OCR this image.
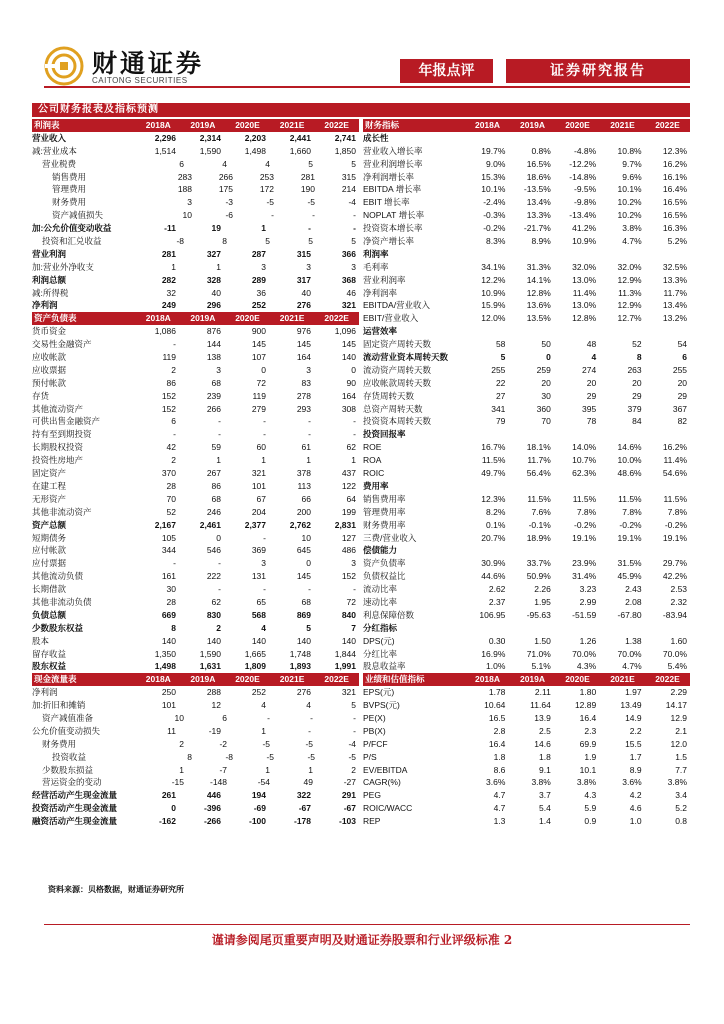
财通证券
CAITONG SECURITIES
年报点评	证券研究报告
公司财务报表及指标预测
利润表	2018A	2019A	2020E	2021E	2022E
营业收入	2,296	2,314	2,203	2,441	2,741
减:营业成本	1,514	1,590	1,498	1,660	1,850
营业税费	6	4	4	5	5
销售费用	283	266	253	281	315
管理费用	188	175	172	190	214
财务费用	3	-3	-5	-5	-4
资产减值损失	10	-6	-	-	-
加:公允价值变动收益	-11	19	1	-	-
投资和汇兑收益	-8	8	5	5	5
营业利润	281	327	287	315	366
加:营业外净收支	1	1	3	3	3
利润总额	282	328	289	317	368
减:所得税	32	40	36	40	46
净利润	249	296	252	276	321
资产负债表	2018A	2019A	2020E	2021E	2022E
货币资金	1,086	876	900	976	1,096
交易性金融资产	-	144	145	145	145
应收帐款	119	138	107	164	140
应收票据	2	3	0	3	0
预付帐款	86	68	72	83	90
存货	152	239	119	278	164
其他流动资产	152	266	279	293	308
可供出售金融资产	6	-	-	-	-
持有至到期投资	-	-	-	-	-
长期股权投资	42	59	60	61	62
投资性房地产	2	1	1	1	1
固定资产	370	267	321	378	437
在建工程	28	86	101	113	122
无形资产	70	68	67	66	64
其他非流动资产	52	246	204	200	199
资产总额	2,167	2,461	2,377	2,762	2,831
短期债务	105	0	-	10	127
应付帐款	344	546	369	645	486
应付票据	-	-	3	0	3
其他流动负债	161	222	131	145	152
长期借款	30	-	-	-	-
其他非流动负债	28	62	65	68	72
负债总额	669	830	568	869	840
少数股东权益	8	2	4	5	7
股本	140	140	140	140	140
留存收益	1,350	1,590	1,665	1,748	1,844
股东权益	1,498	1,631	1,809	1,893	1,991
现金流量表	2018A	2019A	2020E	2021E	2022E
净利润	250	288	252	276	321
加:折旧和摊销	101	12	4	4	5
资产减值准备	10	6	-	-	-
公允价值变动损失	11	-19	1	-	-
财务费用	2	-2	-5	-5	-4
投资收益	8	-8	-5	-5	-5
少数股东损益	1	-7	1	1	2
营运资金的变动	-15	-148	-54	49	-27
经营活动产生现金流量	261	446	194	322	291
投资活动产生现金流量	0	-396	-69	-67	-67
融资活动产生现金流量	-162	-266	-100	-178	-103
财务指标	2018A	2019A	2020E	2021E	2022E
成长性
营业收入增长率	19.7%	0.8%	-4.8%	10.8%	12.3%
营业利润增长率	9.0%	16.5%	-12.2%	9.7%	16.2%
净利润增长率	15.3%	18.6%	-14.8%	9.6%	16.1%
EBITDA 增长率	10.1%	-13.5%	-9.5%	10.1%	16.4%
EBIT 增长率	-2.4%	13.4%	-9.8%	10.2%	16.5%
NOPLAT 增长率	-0.3%	13.3%	-13.4%	10.2%	16.5%
投资资本增长率	-0.2%	-21.7%	41.2%	3.8%	16.3%
净资产增长率	8.3%	8.9%	10.9%	4.7%	5.2%
利润率
毛利率	34.1%	31.3%	32.0%	32.0%	32.5%
营业利润率	12.2%	14.1%	13.0%	12.9%	13.3%
净利润率	10.9%	12.8%	11.4%	11.3%	11.7%
EBITDA/营业收入	15.9%	13.6%	13.0%	12.9%	13.4%
EBIT/营业收入	12.0%	13.5%	12.8%	12.7%	13.2%
运营效率
固定资产周转天数	58	50	48	52	54
流动营业资本周转天数	5	0	4	8	6
流动资产周转天数	255	259	274	263	255
应收帐款周转天数	22	20	20	20	20
存货周转天数	27	30	29	29	29
总资产周转天数	341	360	395	379	367
投资资本周转天数	79	70	78	84	82
投资回报率
ROE	16.7%	18.1%	14.0%	14.6%	16.2%
ROA	11.5%	11.7%	10.7%	10.0%	11.4%
ROIC	49.7%	56.4%	62.3%	48.6%	54.6%
费用率
销售费用率	12.3%	11.5%	11.5%	11.5%	11.5%
管理费用率	8.2%	7.6%	7.8%	7.8%	7.8%
财务费用率	0.1%	-0.1%	-0.2%	-0.2%	-0.2%
三费/营业收入	20.7%	18.9%	19.1%	19.1%	19.1%
偿债能力
资产负债率	30.9%	33.7%	23.9%	31.5%	29.7%
负债权益比	44.6%	50.9%	31.4%	45.9%	42.2%
流动比率	2.62	2.26	3.23	2.43	2.53
速动比率	2.37	1.95	2.99	2.08	2.32
利息保障倍数	106.95	-95.63	-51.59	-67.80	-83.94
分红指标
DPS(元)	0.30	1.50	1.26	1.38	1.60
分红比率	16.9%	71.0%	70.0%	70.0%	70.0%
股息收益率	1.0%	5.1%	4.3%	4.7%	5.4%
业绩和估值指标	2018A	2019A	2020E	2021E	2022E
EPS(元)	1.78	2.11	1.80	1.97	2.29
BVPS(元)	10.64	11.64	12.89	13.49	14.17
PE(X)	16.5	13.9	16.4	14.9	12.9
PB(X)	2.8	2.5	2.3	2.2	2.1
P/FCF	16.4	14.6	69.9	15.5	12.0
P/S	1.8	1.8	1.9	1.7	1.5
EV/EBITDA	8.6	9.1	10.1	8.9	7.7
CAGR(%)	3.6%	3.8%	3.8%	3.6%	3.8%
PEG	4.7	3.7	4.3	4.2	3.4
ROIC/WACC	4.7	5.4	5.9	4.6	5.2
REP	1.3	1.4	0.9	1.0	0.8
资料来源：贝格数据，财通证券研究所
谨请参阅尾页重要声明及财通证券股票和行业评级标准 2
